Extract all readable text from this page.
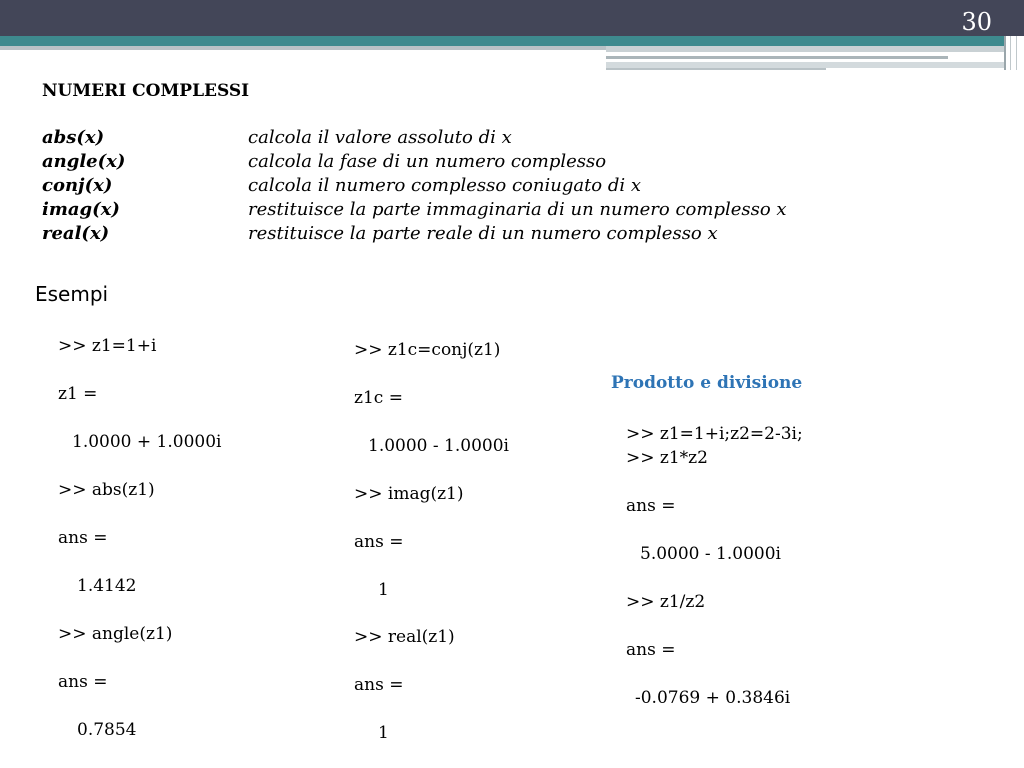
30
NUMERI COMPLESSI
abs(x)	calcola il valore assoluto di x
angle(x)	calcola la fase di un numero complesso
conj(x)	calcola il numero complesso coniugato di x
imag(x)	restituisce la parte immaginaria di un numero complesso x
real(x)	restituisce la parte reale di un numero complesso x
Esempi
>> z1=1+i
z1 =
1.0000 + 1.0000i
>> abs(z1)
ans =
1.4142
>> angle(z1)
ans =
0.7854
>> z1c=conj(z1)
z1c =
1.0000 - 1.0000i
>> imag(z1)
ans =
1
>> real(z1)
ans =
1
Prodotto e divisione
>> z1=1+i;z2=2-3i;
>> z1*z2
ans =
5.0000 - 1.0000i
>> z1/z2
ans =
-0.0769 + 0.3846i
